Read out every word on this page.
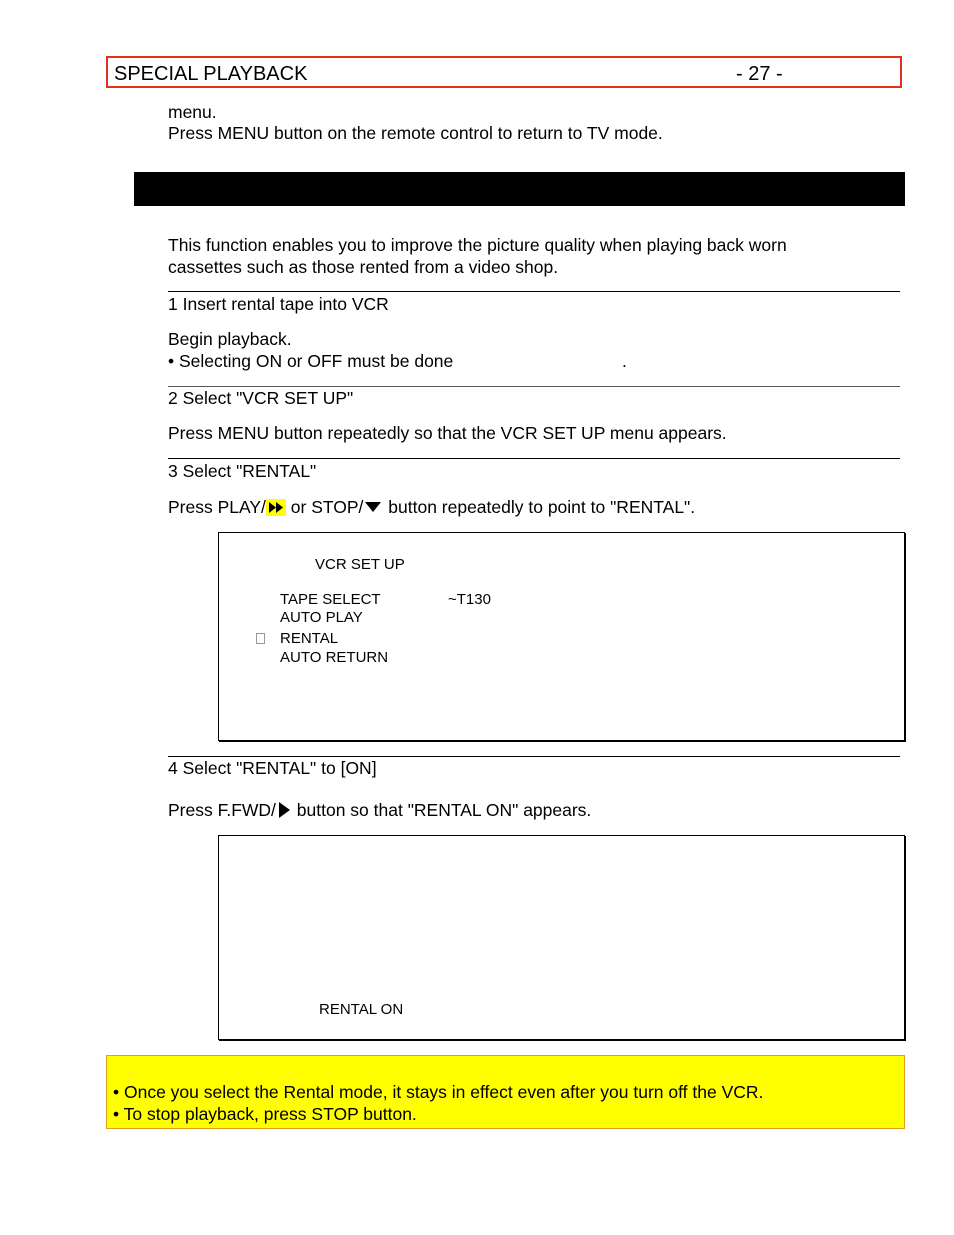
SPECIAL PLAYBACK	- 27 -
menu.
Press MENU button on the remote control to return to TV mode.
This function enables you to improve the picture quality when playing back worn
cassettes such as those rented from a video shop.
1 Insert rental tape into VCR
Begin playback.
• Selecting ON or OFF must be done	.
2 Select "VCR SET UP"
Press MENU button repeatedly so that the VCR SET UP menu appears.
3 Select "RENTAL"
Press PLAY/ or STOP/ button repeatedly to point to "RENTAL".
VCR SET UP
TAPE SELECT	~T130
AUTO PLAY
RENTAL
AUTO RETURN
4 Select "RENTAL" to [ON]
Press F.FWD/ button so that "RENTAL ON" appears.
RENTAL ON
• Once you select the Rental mode, it stays in effect even after you turn off the VCR.
• To stop playback, press STOP button.
